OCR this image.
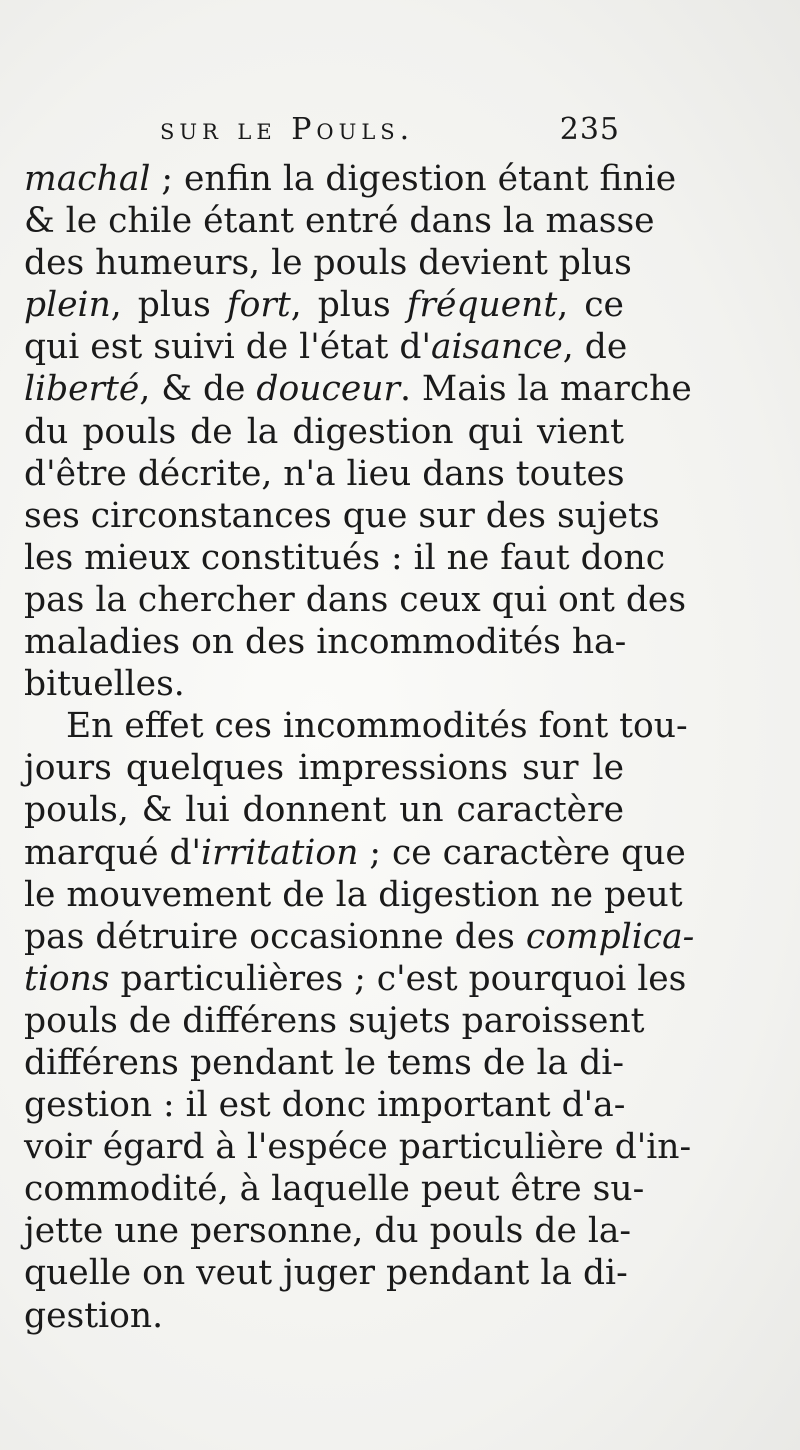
sur le Pouls.	235
machal ; enfin la digestion étant finie
& le chile étant entré dans la masse
des humeurs, le pouls devient plus
plein, plus fort, plus fréquent, ce
qui est suivi de l'état d'aisance, de
liberté, & de douceur. Mais la marche
du pouls de la digestion qui vient
d'être décrite, n'a lieu dans toutes
ses circonstances que sur des sujets
les mieux constitués : il ne faut donc
pas la chercher dans ceux qui ont des
maladies on des incommodités ha-
bituelles.
En effet ces incommodités font tou-
jours quelques impressions sur le
pouls, & lui donnent un caractère
marqué d'irritation ; ce caractère que
le mouvement de la digestion ne peut
pas détruire occasionne des complica-
tions particulières ; c'est pourquoi les
pouls de différens sujets paroissent
différens pendant le tems de la di-
gestion : il est donc important d'a-
voir égard à l'espéce particulière d'in-
commodité, à laquelle peut être su-
jette une personne, du pouls de la-
quelle on veut juger pendant la di-
gestion.
